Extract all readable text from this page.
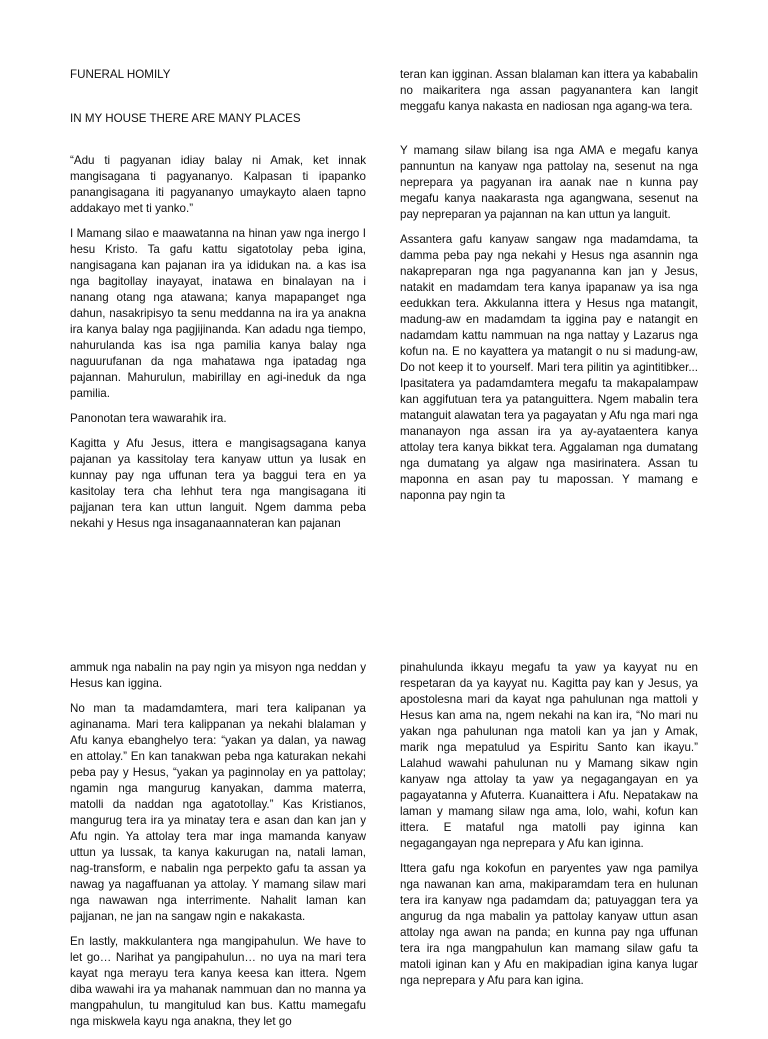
FUNERAL HOMILY
IN MY HOUSE THERE ARE MANY PLACES

“Adu ti pagyanan idiay balay ni Amak, ket innak mangisagana ti pagyananyo. Kalpasan ti ipapanko panangisagana iti pagyananyo umaykayto alaen tapno addakayo met ti yanko.”

I Mamang silao e maawatanna na hinan yaw nga inergo I hesu Kristo. Ta gafu kattu sigatotolay peba igina, nangisagana kan pajanan ira ya ididukan na. a kas isa nga bagitollay inayayat, inatawa en binalayan na i nanang otang nga atawana; kanya mapapanget nga dahun, nasakripisyo ta senu meddanna na ira ya anakna ira kanya balay nga pagjijinanda. Kan adadu nga tiempo, nahurulanda kas isa nga pamilia kanya balay nga naguurufanan da nga mahatawa nga ipatadag nga pajannan. Mahurulun, mabirillay en agi-ineduk da nga pamilia.

Panonotan tera wawarahik ira.

Kagitta y Afu Jesus, ittera e mangisagsagana kanya pajanan ya kassitolay tera kanyaw uttun ya lusak en kunnay pay nga uffunan tera ya baggui tera en ya kasitolay tera cha lehhut tera nga mangisagana iti pajjanan tera kan uttun languit. Ngem damma peba nekahi y Hesus nga insaganaannateran kan pajanan

teran kan igginan. Assan blalaman kan ittera ya kababalin no maikaritera nga assan pagyanantera kan langit meggafu kanya nakasta en nadiosan nga agang-wa tera.

Y mamang silaw bilang isa nga AMA e megafu kanya pannuntun na kanyaw nga pattolay na, sesenut na nga neprepara ya pagyanan ira aanak nae n kunna pay megafu kanya naakarasta nga agangwana, sesenut na pay nepreparan ya pajannan na kan uttun ya languit.

Assantera gafu kanyaw sangaw nga madamdama, ta damma peba pay nga nekahi y Hesus nga asannin nga nakapreparan nga nga pagyananna kan jan y Jesus, natakit en madamdam tera kanya ipapanaw ya isa nga eedukkan tera. Akkulanna ittera y Hesus nga matangit, madung-aw en madamdam ta iggina pay e natangit en nadamdam kattu nammuan na nga nattay y Lazarus nga kofun na. E no kayattera ya matangit o nu si madung-aw, Do not keep it to yourself. Mari tera pilitin ya agintitibker... Ipasitatera ya padamdamtera megafu ta makapalampaw kan aggifutuan tera ya patanguittera. Ngem mabalin tera matanguit alawatan tera ya pagayatan y Afu nga mari nga mananayon nga assan ira ya ay-ayataentera kanya attolay tera kanya bikkat tera. Aggalaman nga dumatang nga dumatang ya algaw nga masirinatera. Assan tu maponna en asan pay tu mapossan. Y mamang e naponna pay ngin ta

ammuk nga nabalin na pay ngin ya misyon nga neddan y Hesus kan iggina.

No man ta madamdamtera, mari tera kalipanan ya aginanama. Mari tera kalippanan ya nekahi blalaman y Afu kanya ebanghelyo tera: “yakan ya dalan, ya nawag en attolay.” En kan tanakwan peba nga katurakan nekahi peba pay y Hesus, “yakan ya paginnolay en ya pattolay; ngamin nga mangurug kanyakan, damma materra, matolli da naddan nga agatotollay.” Kas Kristianos, mangurug tera ira ya minatay tera e asan dan kan jan y Afu ngin. Ya attolay tera mar inga mamanda kanyaw uttun ya lussak, ta kanya kakurugan na, natali laman, nag-transform, e nabalin nga perpekto gafu ta assan ya nawag ya nagaffuanan ya attolay. Y mamang silaw mari nga nawawan nga interrimente. Nahalit laman kan pajjanan, ne jan na sangaw ngin e nakakasta.

En lastly, makkulantera nga mangipahulun. We have to let go… Narihat ya pangipahulun… no uya na mari tera kayat nga merayu tera kanya keesa kan ittera. Ngem diba wawahi ira ya mahanak nammuan dan no manna ya mangpahulun, tu mangitulud kan bus. Kattu mamegafu nga miskwela kayu nga anakna, they let go

pinahulunda ikkayu megafu ta yaw ya kayyat nu en respetaran da ya kayyat nu. Kagitta pay kan y Jesus, ya apostolesna mari da kayat nga pahulunan nga mattoli y Hesus kan ama na, ngem nekahi na kan ira, “No mari nu yakan nga pahulunan nga matoli kan ya jan y Amak, marik nga mepatulud ya Espiritu Santo kan ikayu.” Lalahud wawahi pahulunan nu y Mamang sikaw ngin kanyaw nga attolay ta yaw ya negagangayan en ya pagayatanna y Afuterra. Kuanaittera i Afu. Nepatakaw na laman y mamang silaw nga ama, lolo, wahi, kofun kan ittera. E mataful nga matolli pay iginna kan negagangayan nga neprepara y Afu kan iginna.

Ittera gafu nga kokofun en paryentes yaw nga pamilya nga nawanan kan ama, makiparamdam tera en hulunan tera ira kanyaw nga padamdam da; patuyaggan tera ya angurug da nga mabalin ya pattolay kanyaw uttun asan attolay nga awan na panda; en kunna pay nga uffunan tera ira nga mangpahulun kan mamang silaw gafu ta matoli iginan kan y Afu en makipadian igina kanya lugar nga neprepara y Afu para kan igina.
